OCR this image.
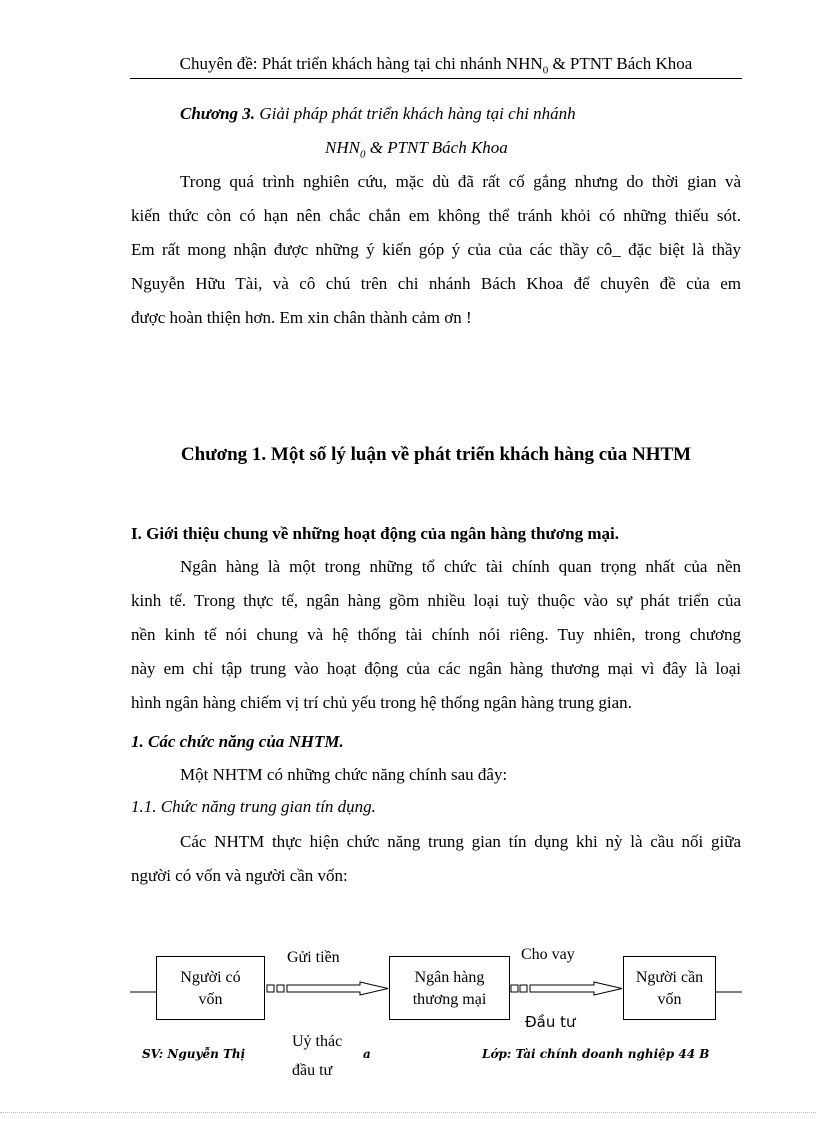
Chuyên đề: Phát triển khách hàng tại chi nhánh $NHN_0$ & PTNT Bách Khoa
Chương 3. Giải pháp phát triển khách hàng tại chi nhánh
$NHN_0$ & PTNT Bách Khoa
Trong quá trình nghiên cứu, mặc dù đã rất cố gắng nhưng do thời gian và
kiến thức còn có hạn nên chắc chắn em không thể tránh khỏi có những thiếu sót.
Em rất mong nhận được những ý kiến góp ý của của các thầy cô_ đặc biệt là thầy
Nguyễn Hữu Tài, và cô chú trên chi nhánh Bách Khoa để chuyên đề của em
được hoàn thiện hơn. Em xin chân thành cảm ơn !
Chương 1. Một số lý luận về phát triển khách hàng của NHTM
I. Giới thiệu chung về những hoạt động của ngân hàng thương mại.
Ngân hàng là một trong những tổ chức tài chính quan trọng nhất của nền
kinh tế. Trong thực tế, ngân hàng gồm nhiều loại tuỳ thuộc vào sự phát triển của
nền kinh tế nói chung và hệ thống tài chính nói riêng. Tuy nhiên, trong chương
này em chỉ tập trung vào hoạt động của các ngân hàng thương mại vì đây là loại
hình ngân hàng chiếm vị trí chủ yếu trong hệ thống ngân hàng trung gian.
1. Các chức năng của NHTM.
Một NHTM có những chức năng chính sau đây:
1.1. Chức năng trung gian tín dụng.
Các NHTM thực hiện chức năng trung gian tín dụng khi nỳ là cầu nối giữa
người có vốn và người cần vốn:
Người có
vốn
Ngân hàng
thương mại
Người cần
vốn
Gửi tiền	Cho vay
Đầu tư
Uỷ thác
đầu tư
SV: Nguyễn Thị	a	Lớp: Tài chính doanh nghiệp 44 B
